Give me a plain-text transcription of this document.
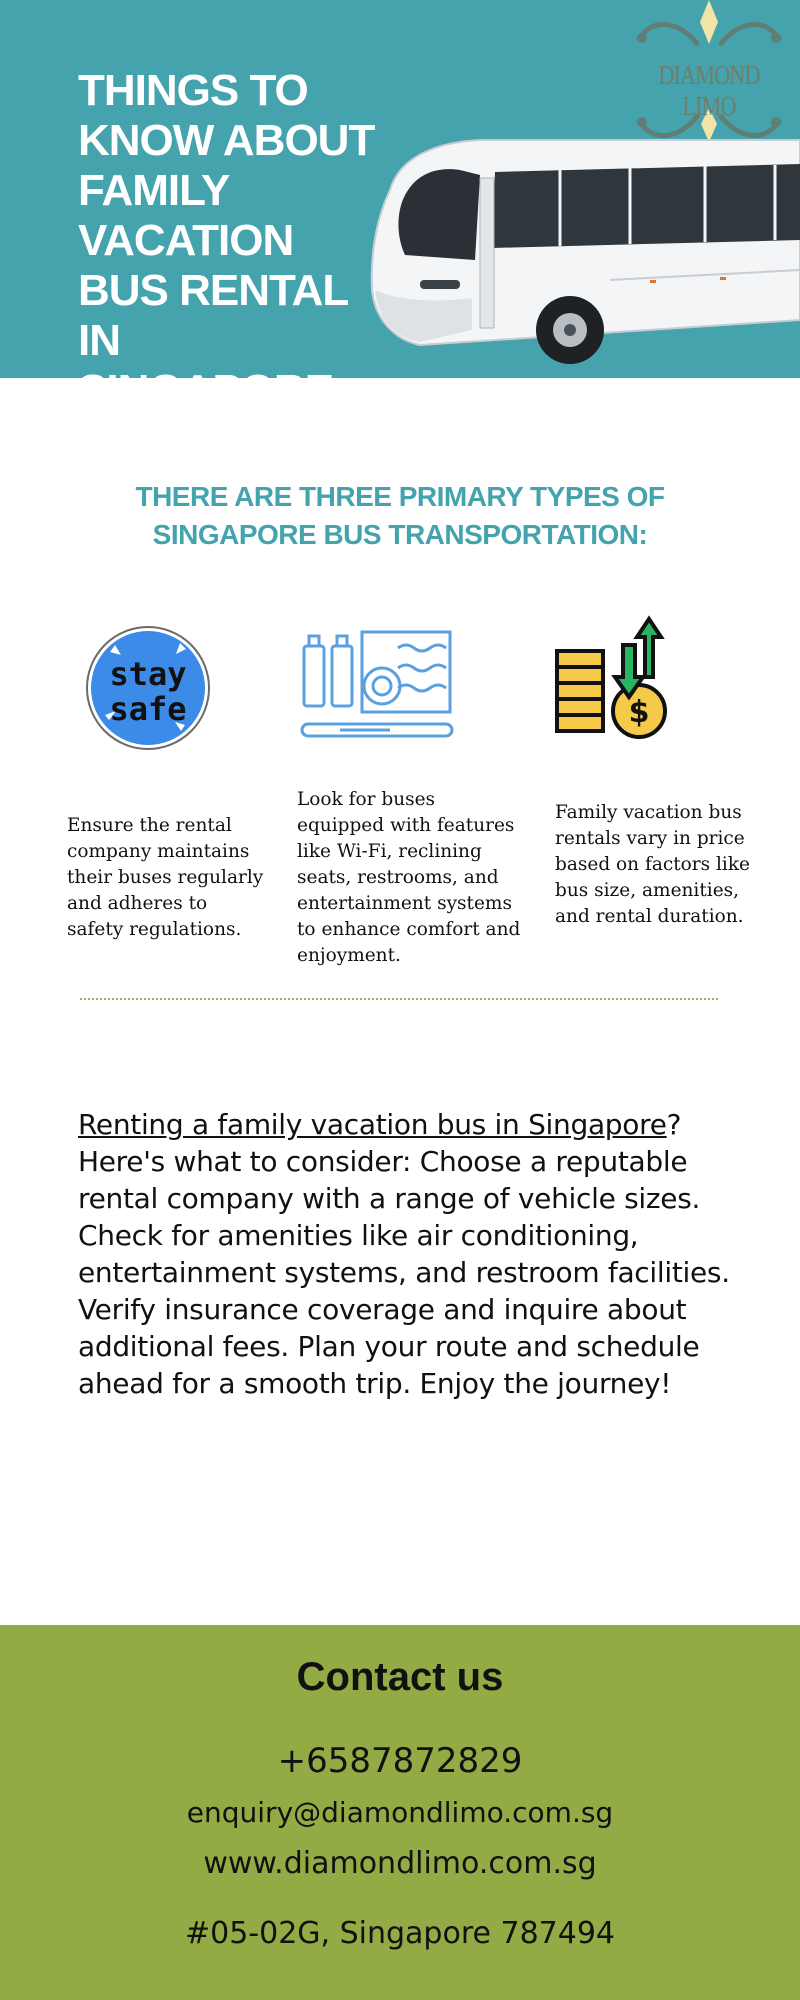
THINGS TO KNOW ABOUT FAMILY VACATION BUS RENTAL IN SINGAPORE
DIAMOND LIMO
THERE ARE THREE PRIMARY TYPES OF SINGAPORE BUS TRANSPORTATION:
stay
safe	$

Ensure the rental company maintains their buses regularly and adheres to safety regulations.

Look for buses equipped with features like Wi-Fi, reclining seats, restrooms, and entertainment systems to enhance comfort and enjoyment.

Family vacation bus rentals vary in price based on factors like bus size, amenities, and rental duration.

Renting a family vacation bus in Singapore? Here's what to consider: Choose a reputable rental company with a range of vehicle sizes. Check for amenities like air conditioning, entertainment systems, and restroom facilities. Verify insurance coverage and inquire about additional fees. Plan your route and schedule ahead for a smooth trip. Enjoy the journey!

Contact us

+6587872829

enquiry@diamondlimo.com.sg

www.diamondlimo.com.sg

#05-02G, Singapore 787494
